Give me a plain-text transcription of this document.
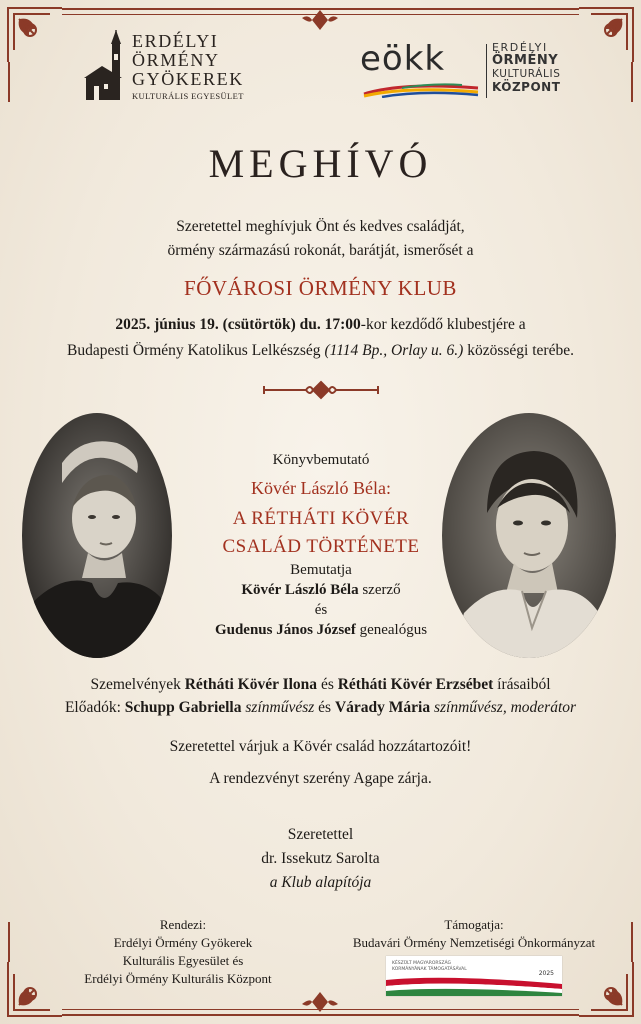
ERDÉLYI
ÖRMÉNY
GYÖKEREK
KULTURÁLIS EGYESÜLET
eökk	ERDÉLYI
ÖRMÉNY
KULTURÁLIS
KÖZPONT
MEGHÍVÓ
Szeretettel meghívjuk Önt és kedves családját,
örmény származású rokonát, barátját, ismerősét a
FŐVÁROSI ÖRMÉNY KLUB
2025. június 19. (csütörtök) du. 17:00-kor kezdődő klubestjére a
Budapesti Örmény Katolikus Lelkészség (1114 Bp., Orlay u. 6.) közösségi terébe.
Könyvbemutató
Kövér László Béla:
A RÉTHÁTI KÖVÉR
CSALÁD TÖRTÉNETE
Bemutatja
Kövér László Béla szerző
és
Gudenus János József genealógus
Szemelvények Rétháti Kövér Ilona és Rétháti Kövér Erzsébet írásaiból
Előadók: Schupp Gabriella színművész és Várady Mária színművész, moderátor
Szeretettel várjuk a Kövér család hozzátartozóit!
A rendezvényt szerény Agape zárja.
Szeretettel
dr. Issekutz Sarolta
a Klub alapítója
Rendezi:
Erdélyi Örmény Gyökerek
Kulturális Egyesület és
Erdélyi Örmény Kulturális Központ
Támogatja:
Budavári Örmény Nemzetiségi Önkormányzat
KÉSZÜLT MAGYARORSZÁG
KORMÁNYÁNAK TÁMOGATÁSÁVAL
2025
